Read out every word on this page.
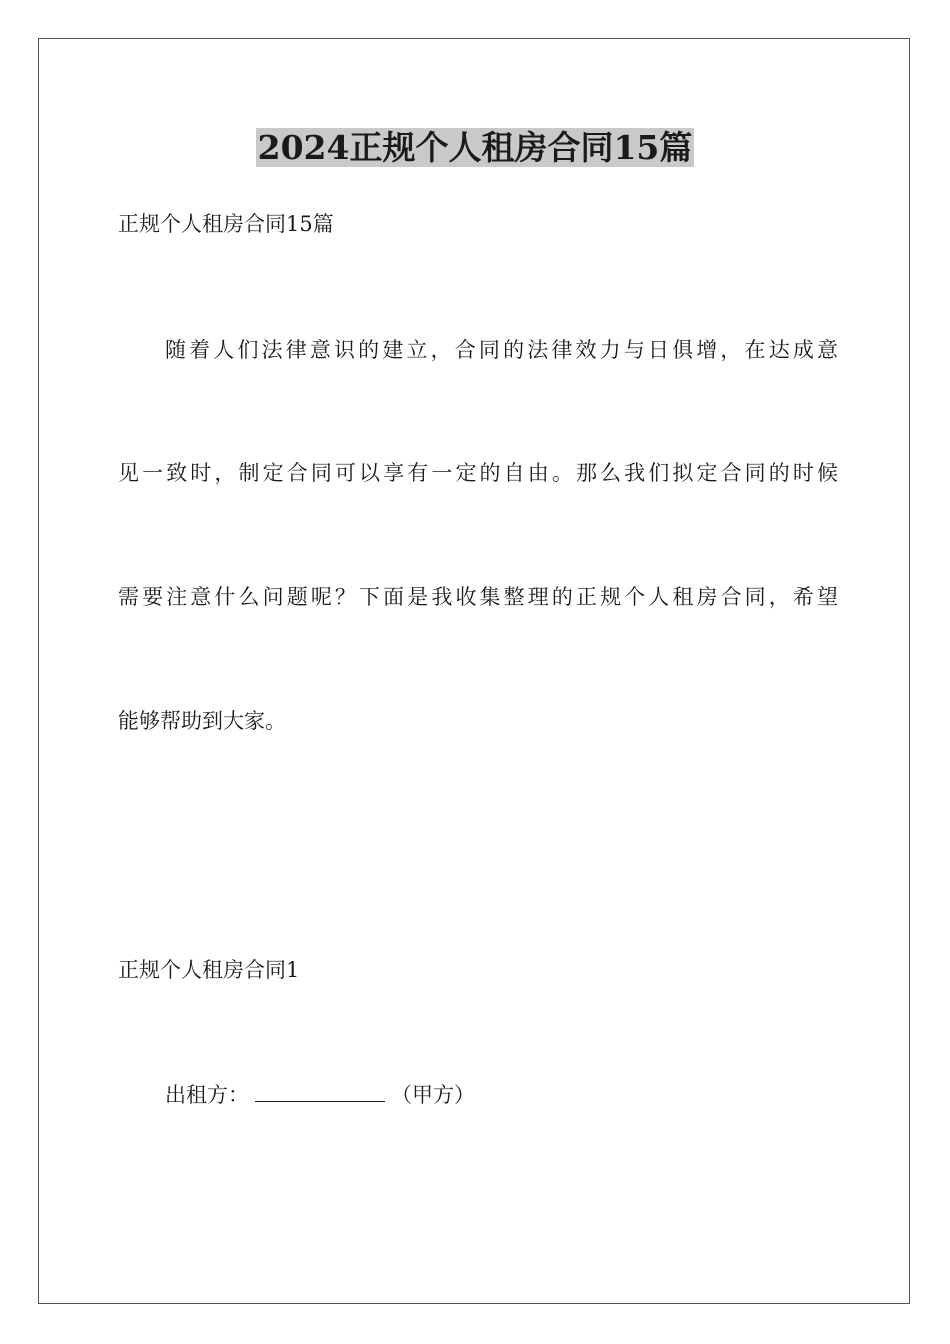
2024正规个人租房合同15篇

正规个人租房合同15篇

随着人们法律意识的建立，合同的法律效力与日俱增，在达成意

见一致时，制定合同可以享有一定的自由。那么我们拟定合同的时候

需要注意什么问题呢？下面是我收集整理的正规个人租房合同，希望

能够帮助到大家。

正规个人租房合同1

出租方：	（甲方）
